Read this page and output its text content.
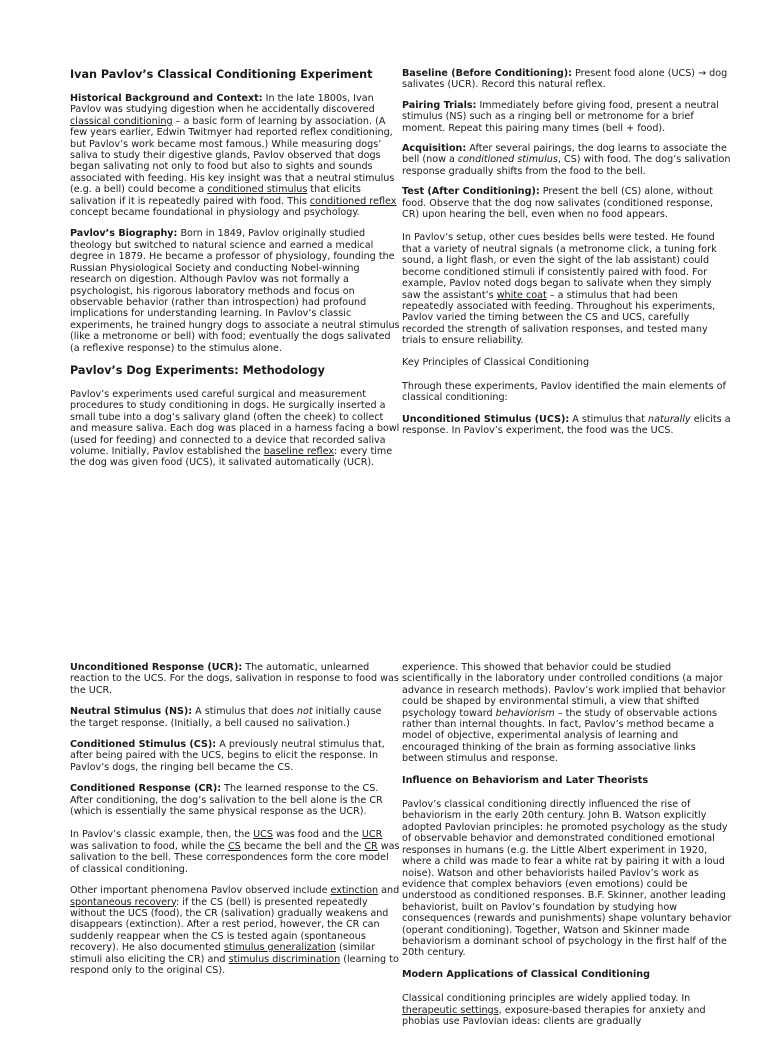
Ivan Pavlov’s Classical Conditioning Experiment

Historical Background and Context: In the late 1800s, Ivan Pavlov was studying digestion when he accidentally discovered classical conditioning – a basic form of learning by association. (A few years earlier, Edwin Twitmyer had reported reflex conditioning, but Pavlov’s work became most famous.) While measuring dogs’ saliva to study their digestive glands, Pavlov observed that dogs began salivating not only to food but also to sights and sounds associated with feeding. His key insight was that a neutral stimulus (e.g. a bell) could become a conditioned stimulus that elicits salivation if it is repeatedly paired with food. This conditioned reflex concept became foundational in physiology and psychology.

Pavlov’s Biography: Born in 1849, Pavlov originally studied theology but switched to natural science and earned a medical degree in 1879. He became a professor of physiology, founding the Russian Physiological Society and conducting Nobel-winning research on digestion. Although Pavlov was not formally a psychologist, his rigorous laboratory methods and focus on observable behavior (rather than introspection) had profound implications for understanding learning. In Pavlov’s classic experiments, he trained hungry dogs to associate a neutral stimulus (like a metronome or bell) with food; eventually the dogs salivated (a reflexive response) to the stimulus alone.

Pavlov’s Dog Experiments: Methodology

Pavlov’s experiments used careful surgical and measurement procedures to study conditioning in dogs. He surgically inserted a small tube into a dog’s salivary gland (often the cheek) to collect and measure saliva. Each dog was placed in a harness facing a bowl (used for feeding) and connected to a device that recorded saliva volume. Initially, Pavlov established the baseline reflex: every time the dog was given food (UCS), it salivated automatically (UCR).

Baseline (Before Conditioning): Present food alone (UCS) → dog salivates (UCR). Record this natural reflex.

Pairing Trials: Immediately before giving food, present a neutral stimulus (NS) such as a ringing bell or metronome for a brief moment. Repeat this pairing many times (bell + food).

Acquisition: After several pairings, the dog learns to associate the bell (now a conditioned stimulus, CS) with food. The dog’s salivation response gradually shifts from the food to the bell.

Test (After Conditioning): Present the bell (CS) alone, without food. Observe that the dog now salivates (conditioned response, CR) upon hearing the bell, even when no food appears.

In Pavlov’s setup, other cues besides bells were tested. He found that a variety of neutral signals (a metronome click, a tuning fork sound, a light flash, or even the sight of the lab assistant) could become conditioned stimuli if consistently paired with food. For example, Pavlov noted dogs began to salivate when they simply saw the assistant’s white coat – a stimulus that had been repeatedly associated with feeding. Throughout his experiments, Pavlov varied the timing between the CS and UCS, carefully recorded the strength of salivation responses, and tested many trials to ensure reliability.

Key Principles of Classical Conditioning

Through these experiments, Pavlov identified the main elements of classical conditioning:

Unconditioned Stimulus (UCS): A stimulus that naturally elicits a response. In Pavlov’s experiment, the food was the UCS.

Unconditioned Response (UCR): The automatic, unlearned reaction to the UCS. For the dogs, salivation in response to food was the UCR.

Neutral Stimulus (NS): A stimulus that does not initially cause the target response. (Initially, a bell caused no salivation.)

Conditioned Stimulus (CS): A previously neutral stimulus that, after being paired with the UCS, begins to elicit the response. In Pavlov’s dogs, the ringing bell became the CS.

Conditioned Response (CR): The learned response to the CS. After conditioning, the dog’s salivation to the bell alone is the CR (which is essentially the same physical response as the UCR).

In Pavlov’s classic example, then, the UCS was food and the UCR was salivation to food, while the CS became the bell and the CR was salivation to the bell. These correspondences form the core model of classical conditioning.

Other important phenomena Pavlov observed include extinction and spontaneous recovery: if the CS (bell) is presented repeatedly without the UCS (food), the CR (salivation) gradually weakens and disappears (extinction). After a rest period, however, the CR can suddenly reappear when the CS is tested again (spontaneous recovery). He also documented stimulus generalization (similar stimuli also eliciting the CR) and stimulus discrimination (learning to respond only to the original CS).

experience. This showed that behavior could be studied scientifically in the laboratory under controlled conditions (a major advance in research methods). Pavlov’s work implied that behavior could be shaped by environmental stimuli, a view that shifted psychology toward behaviorism – the study of observable actions rather than internal thoughts. In fact, Pavlov’s method became a model of objective, experimental analysis of learning and encouraged thinking of the brain as forming associative links between stimulus and response.

Influence on Behaviorism and Later Theorists

Pavlov’s classical conditioning directly influenced the rise of behaviorism in the early 20th century. John B. Watson explicitly adopted Pavlovian principles: he promoted psychology as the study of observable behavior and demonstrated conditioned emotional responses in humans (e.g. the Little Albert experiment in 1920, where a child was made to fear a white rat by pairing it with a loud noise). Watson and other behaviorists hailed Pavlov’s work as evidence that complex behaviors (even emotions) could be understood as conditioned responses. B.F. Skinner, another leading behaviorist, built on Pavlov’s foundation by studying how consequences (rewards and punishments) shape voluntary behavior (operant conditioning). Together, Watson and Skinner made behaviorism a dominant school of psychology in the first half of the 20th century.

Modern Applications of Classical Conditioning

Classical conditioning principles are widely applied today. In therapeutic settings, exposure-based therapies for anxiety and phobias use Pavlovian ideas: clients are gradually
